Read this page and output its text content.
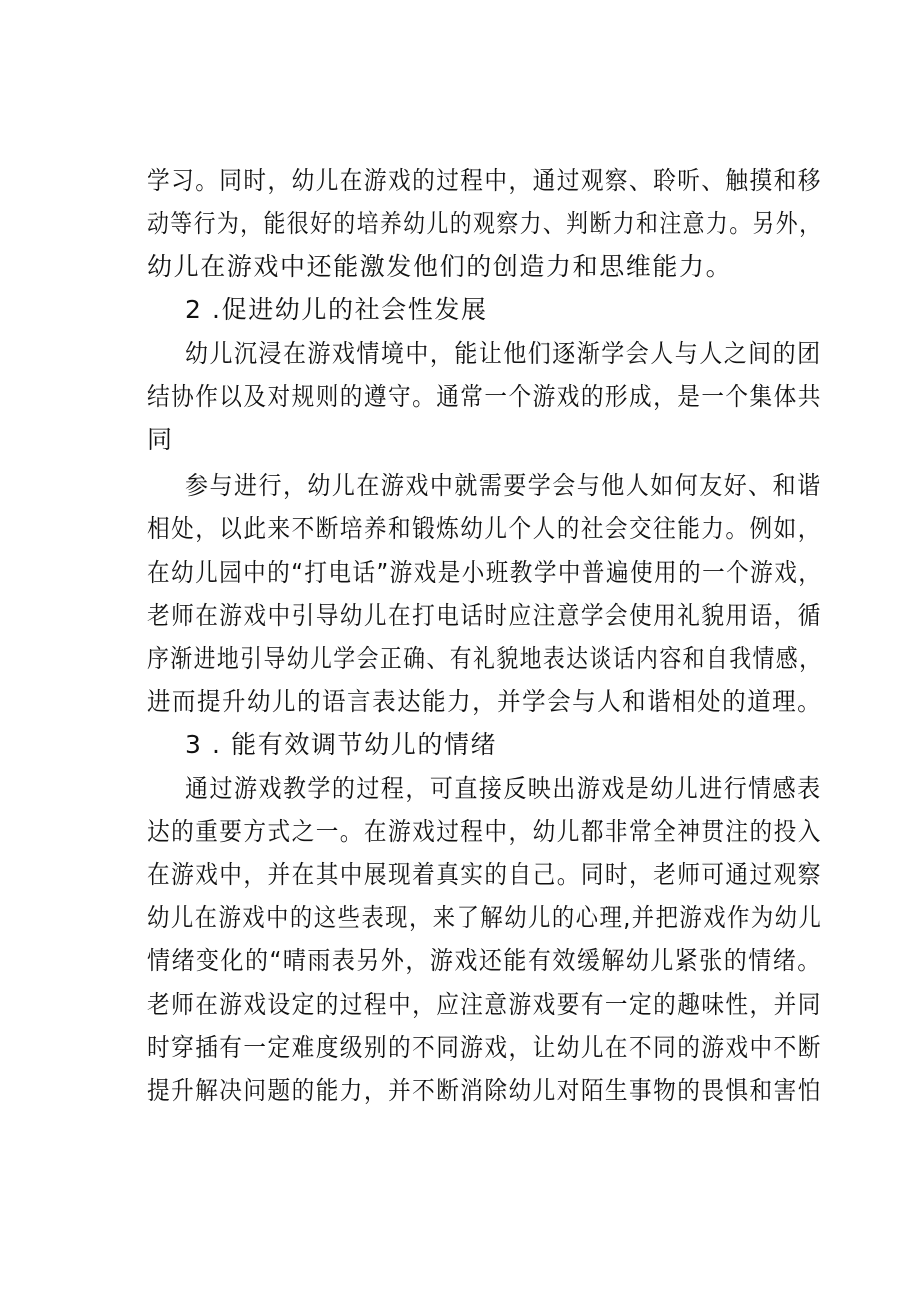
学习。同时，幼儿在游戏的过程中，通过观察、聆听、触摸和移
动等行为，能很好的培养幼儿的观察力、判断力和注意力。另外，
幼儿在游戏中还能激发他们的创造力和思维能力。
2 .促进幼儿的社会性发展
幼儿沉浸在游戏情境中，能让他们逐渐学会人与人之间的团
结协作以及对规则的遵守。通常一个游戏的形成，是一个集体共
同
参与进行，幼儿在游戏中就需要学会与他人如何友好、和谐
相处，以此来不断培养和锻炼幼儿个人的社会交往能力。例如，
在幼儿园中的“打电话”游戏是小班教学中普遍使用的一个游戏，
老师在游戏中引导幼儿在打电话时应注意学会使用礼貌用语，循
序渐进地引导幼儿学会正确、有礼貌地表达谈话内容和自我情感，
进而提升幼儿的语言表达能力，并学会与人和谐相处的道理。
3 . 能有效调节幼儿的情绪
通过游戏教学的过程，可直接反映出游戏是幼儿进行情感表
达的重要方式之一。在游戏过程中，幼儿都非常全神贯注的投入
在游戏中，并在其中展现着真实的自己。同时，老师可通过观察
幼儿在游戏中的这些表现，来了解幼儿的心理,并把游戏作为幼儿
情绪变化的“晴雨表另外，游戏还能有效缓解幼儿紧张的情绪。
老师在游戏设定的过程中，应注意游戏要有一定的趣味性，并同
时穿插有一定难度级别的不同游戏，让幼儿在不同的游戏中不断
提升解决问题的能力，并不断消除幼儿对陌生事物的畏惧和害怕
